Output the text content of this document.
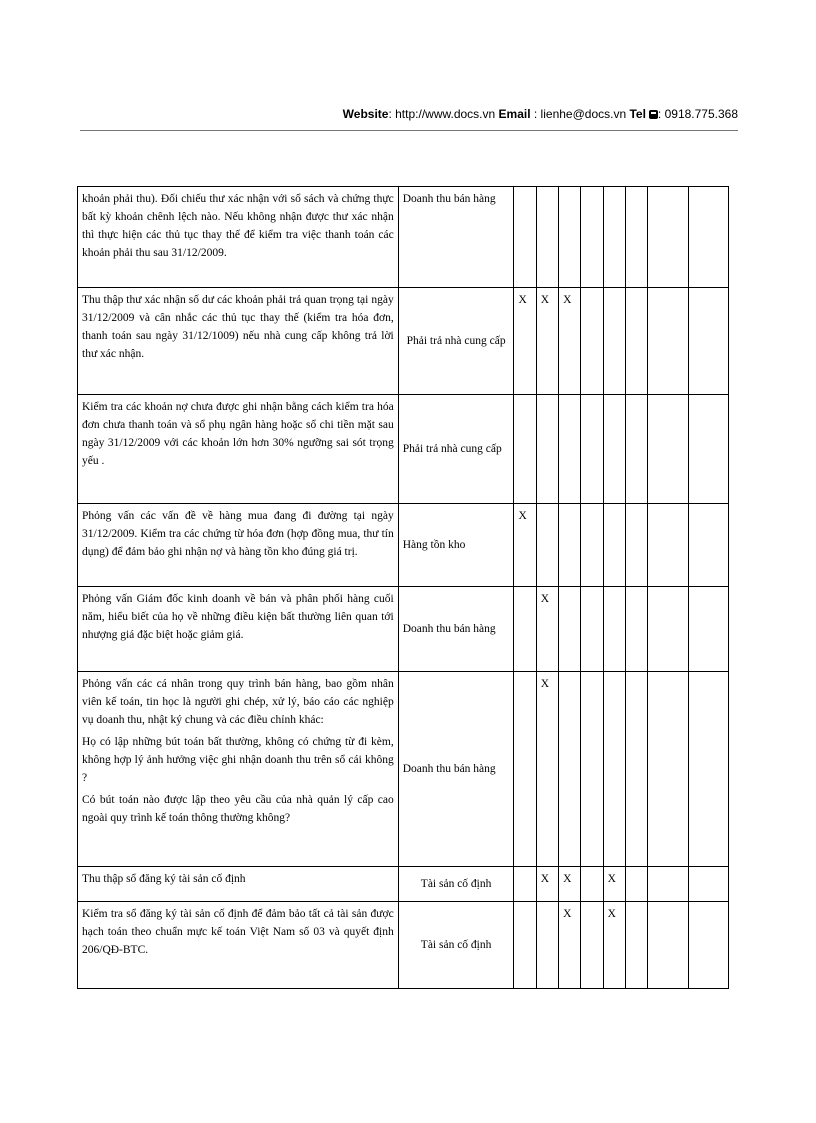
Website: http://www.docs.vn Email : lienhe@docs.vn Tel : 0918.775.368
khoản phải thu). Đối chiếu thư xác nhận với sổ sách và chứng thực bất kỳ khoản chênh lệch nào. Nếu không nhận được thư xác nhận thì thực hiện các thủ tục thay thế để kiểm tra việc thanh toán các khoản phải thu sau 31/12/2009.	Doanh thu bán hàng								

Thu thập thư xác nhận số dư các khoản phải trả quan trọng tại ngày 31/12/2009 và cân nhắc các thủ tục thay thế (kiểm tra hóa đơn, thanh toán sau ngày 31/12/1009) nếu nhà cung cấp không trả lời thư xác nhận.	Phải trả nhà cung cấp	X	X	X					

Kiểm tra các khoản nợ chưa được ghi nhận bằng cách kiểm tra hóa đơn chưa thanh toán và sổ phụ ngân hàng hoặc sổ chi tiền mặt sau ngày 31/12/2009 với các khoản lớn hơn 30% ngưỡng sai sót trọng yếu .	Phải trả nhà cung cấp								

Phỏng vấn các vấn đề về hàng mua đang đi đường tại ngày 31/12/2009. Kiểm tra các chứng từ hóa đơn (hợp đồng mua, thư tín dụng) để đảm bảo ghi nhận nợ và hàng tồn kho đúng giá trị.	Hàng tồn kho	X							

Phỏng vấn Giám đốc kinh doanh về bán và phân phối hàng cuối năm, hiểu biết của họ về những điều kiện bất thường liên quan tới nhượng giá đặc biệt hoặc giảm giá.	Doanh thu bán hàng		X						

Phỏng vấn các cá nhân trong quy trình bán hàng, bao gồm nhân viên kế toán, tin học là người ghi chép, xử lý, báo cáo các nghiệp vụ doanh thu, nhật ký chung và các điều chỉnh khác:
Họ có lập những bút toán bất thường, không có chứng từ đi kèm, không hợp lý ảnh hưởng việc ghi nhận doanh thu trên sổ cái không ?
Có bút toán nào được lập theo yêu cầu của nhà quản lý cấp cao ngoài quy trình kế toán thông thường không?	Doanh thu bán hàng		X						

Thu thập sổ đăng ký tài sản cố định	Tài sản cố định		X	X		X			

Kiểm tra sổ đăng ký tài sản cố định để đảm bảo tất cả tài sản được hạch toán theo chuẩn mực kế toán Việt Nam số 03 và quyết định 206/QĐ-BTC.	Tài sản cố định			X		X			
